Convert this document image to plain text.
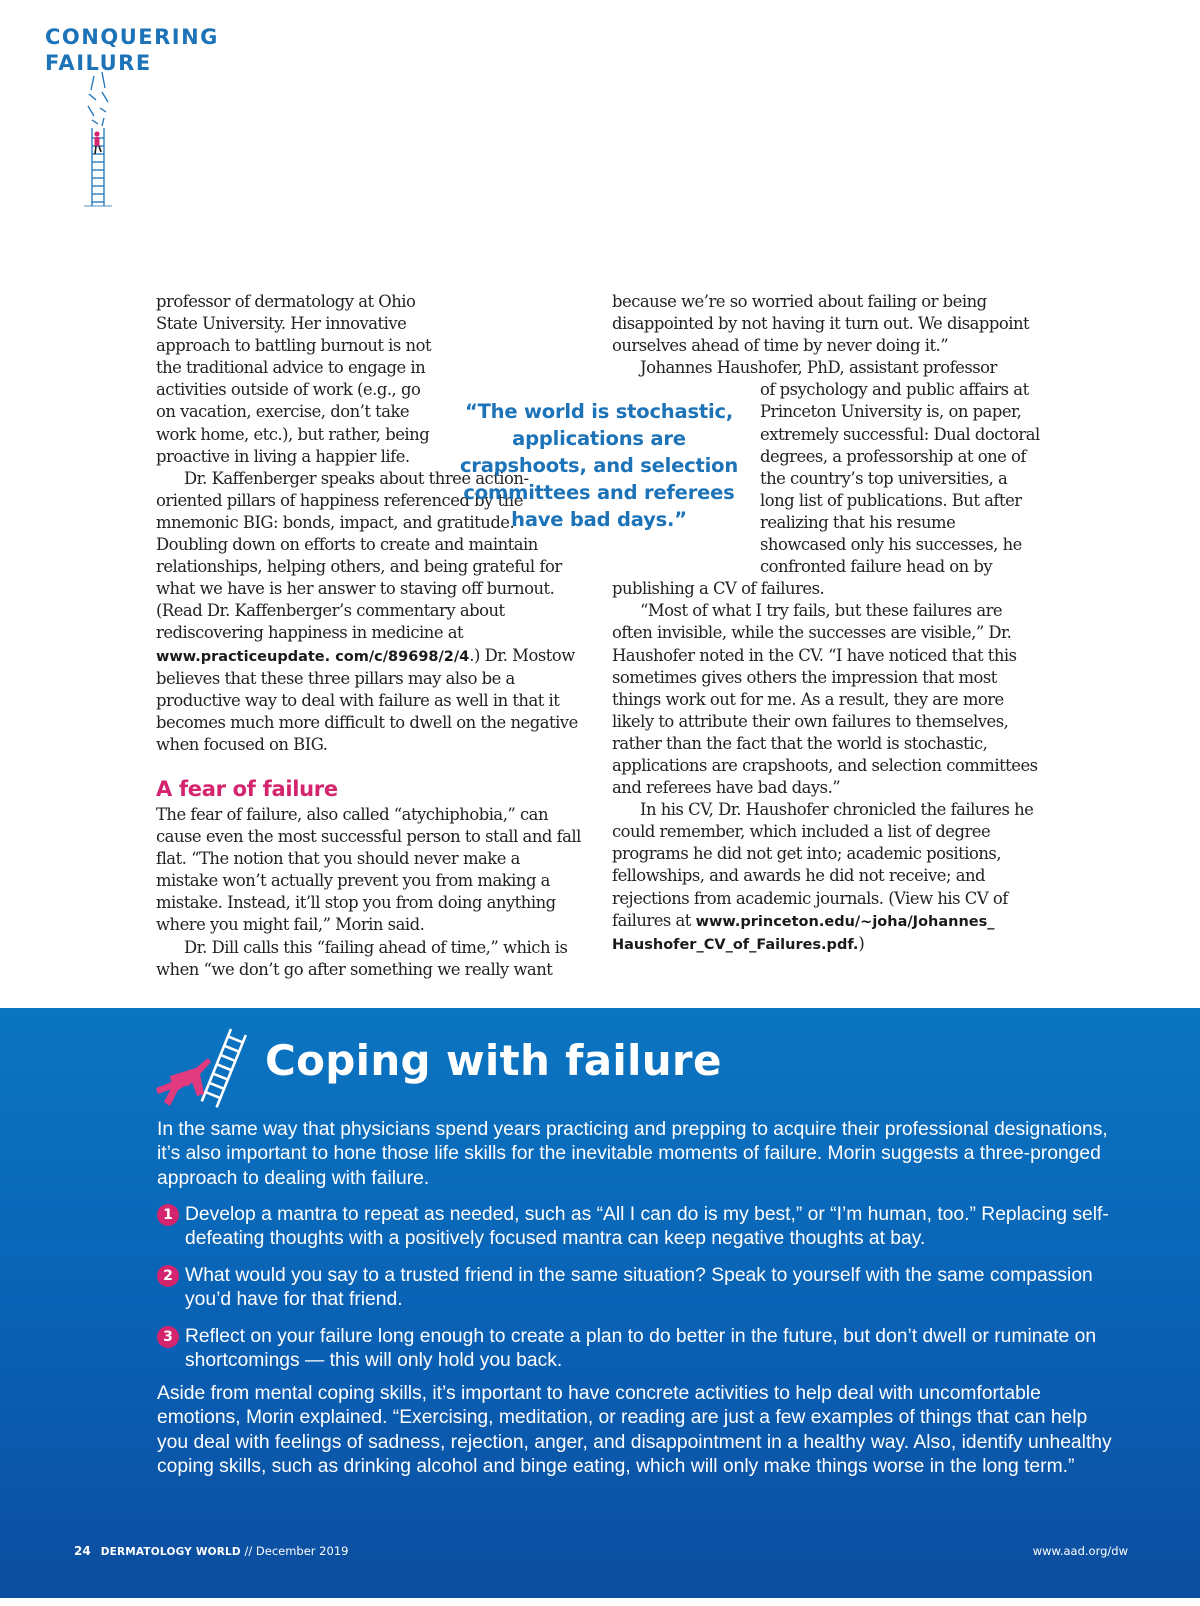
CONQUERING
FAILURE

professor of dermatology at Ohio State University. Her innovative approach to battling burnout is not the traditional advice to engage in activities outside of work (e.g., go on vacation, exercise, don’t take work home, etc.), but rather, being proactive in living a happier life.

Dr. Kaffenberger speaks about three action-oriented pillars of happiness referenced by the mnemonic BIG: bonds, impact, and gratitude. Doubling down on efforts to create and maintain relationships, helping others, and being grateful for what we have is her answer to staving off burnout. (Read Dr. Kaffenberger’s commentary about rediscovering happiness in medicine at www.practiceupdate. com/c/89698/2/4.) Dr. Mostow believes that these three pillars may also be a productive way to deal with failure as well in that it becomes much more difficult to dwell on the negative when focused on BIG.

A fear of failure

The fear of failure, also called “atychiphobia,” can cause even the most successful person to stall and fall flat. “The notion that you should never make a mistake won’t actually prevent you from making a mistake. Instead, it’ll stop you from doing anything where you might fail,” Morin said.

Dr. Dill calls this “failing ahead of time,” which is when “we don’t go after something we really want

“The world is stochastic, applications are crapshoots, and selection committees and referees have bad days.”

because we’re so worried about failing or being disappointed by not having it turn out. We disappoint ourselves ahead of time by never doing it.”

Johannes Haushofer, PhD, assistant professor

of psychology and public affairs at Princeton University is, on paper, extremely successful: Dual doctoral degrees, a professorship at one of the country’s top universities, a long list of publications. But after realizing that his resume showcased only his successes, he confronted failure head on by publishing a CV of failures.

“Most of what I try fails, but these failures are often invisible, while the successes are visible,” Dr. Haushofer noted in the CV. “I have noticed that this sometimes gives others the impression that most things work out for me. As a result, they are more likely to attribute their own failures to themselves, rather than the fact that the world is stochastic, applications are crapshoots, and selection committees and referees have bad days.”

In his CV, Dr. Haushofer chronicled the failures he could remember, which included a list of degree programs he did not get into; academic positions, fellowships, and awards he did not receive; and rejections from academic journals. (View his CV of failures at www.princeton.edu/~joha/Johannes_ Haushofer_CV_of_Failures.pdf.)

Coping with failure

In the same way that physicians spend years practicing and prepping to acquire their professional designations, it’s also important to hone those life skills for the inevitable moments of failure. Morin suggests a three-pronged approach to dealing with failure.

1 Develop a mantra to repeat as needed, such as “All I can do is my best,” or “I’m human, too.” Replacing self-defeating thoughts with a positively focused mantra can keep negative thoughts at bay.
2 What would you say to a trusted friend in the same situation? Speak to yourself with the same compassion you’d have for that friend.
3 Reflect on your failure long enough to create a plan to do better in the future, but don’t dwell or ruminate on shortcomings — this will only hold you back.

Aside from mental coping skills, it’s important to have concrete activities to help deal with uncomfortable emotions, Morin explained. “Exercising, meditation, or reading are just a few examples of things that can help you deal with feelings of sadness, rejection, anger, and disappointment in a healthy way. Also, identify unhealthy coping skills, such as drinking alcohol and binge eating, which will only make things worse in the long term.”

24 DERMATOLOGY WORLD // December 2019	www.aad.org/dw
